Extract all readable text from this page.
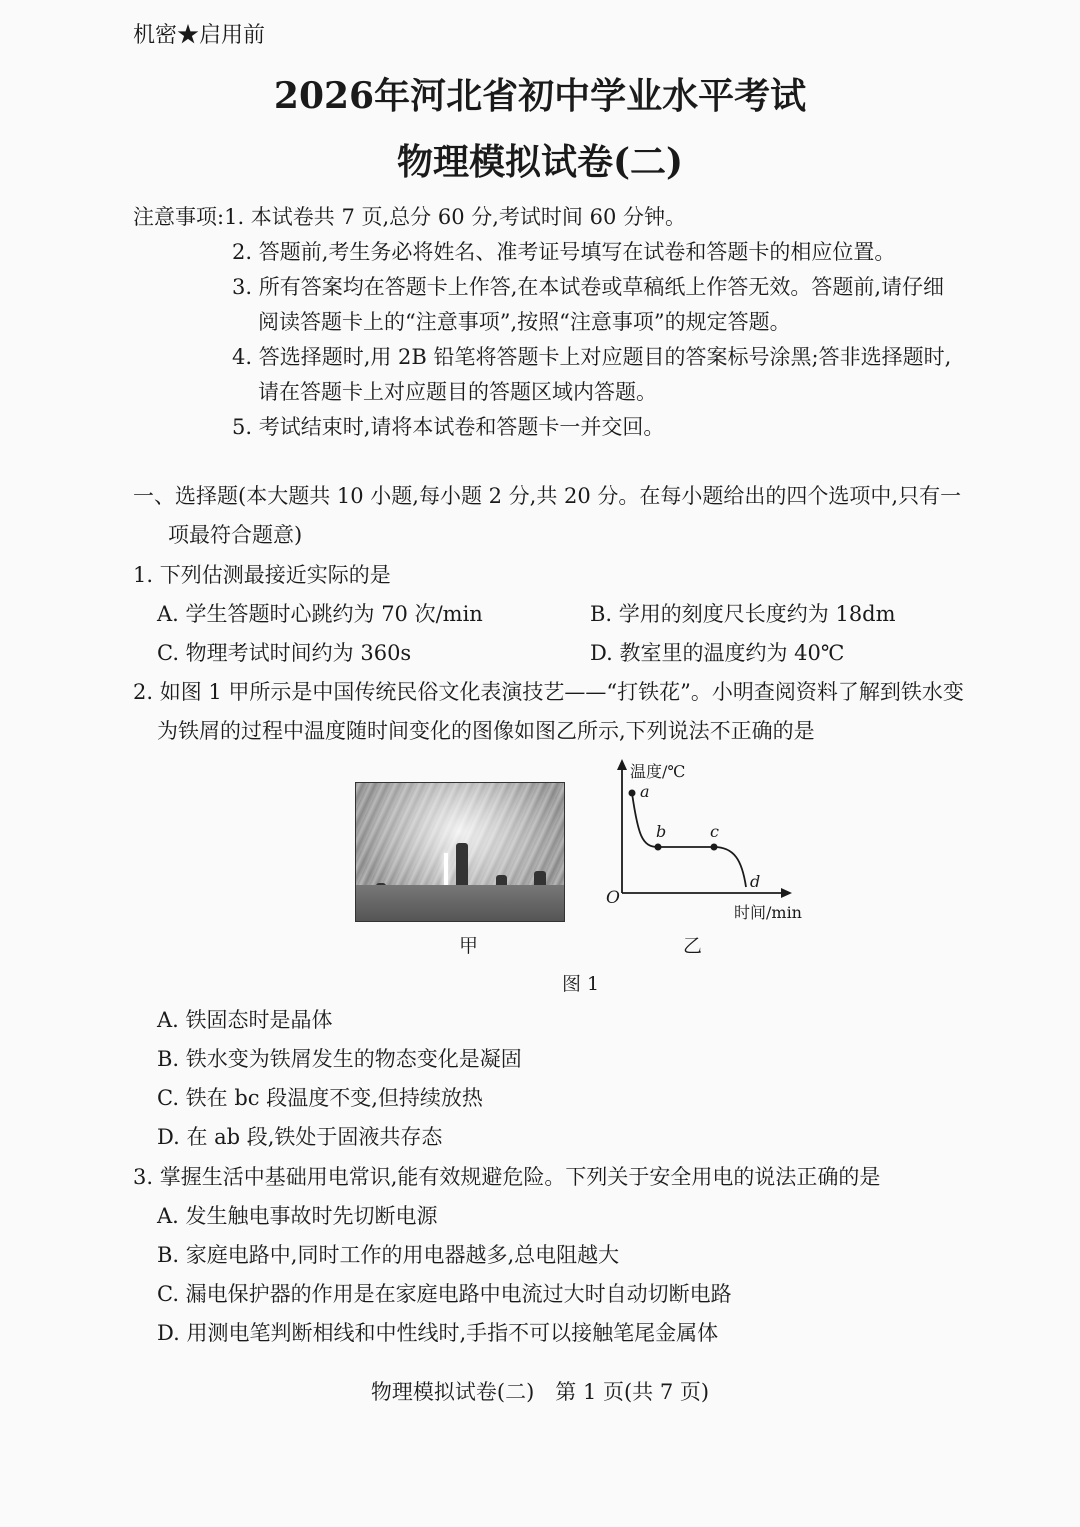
机密★启用前
2026年河北省初中学业水平考试
物理模拟试卷(二)
注意事项:1. 本试卷共 7 页,总分 60 分,考试时间 60 分钟。
2. 答题前,考生务必将姓名、准考证号填写在试卷和答题卡的相应位置。
3. 所有答案均在答题卡上作答,在本试卷或草稿纸上作答无效。答题前,请仔细
阅读答题卡上的“注意事项”,按照“注意事项”的规定答题。
4. 答选择题时,用 2B 铅笔将答题卡上对应题目的答案标号涂黑;答非选择题时,
请在答题卡上对应题目的答题区域内答题。
5. 考试结束时,请将本试卷和答题卡一并交回。
一、选择题(本大题共 10 小题,每小题 2 分,共 20 分。在每小题给出的四个选项中,只有一
项最符合题意)
1. 下列估测最接近实际的是
A. 学生答题时心跳约为 70 次/min	B. 学用的刻度尺长度约为 18dm
C. 物理考试时间约为 360s	D. 教室里的温度约为 40℃
2. 如图 1 甲所示是中国传统民俗文化表演技艺——“打铁花”。小明查阅资料了解到铁水变
为铁屑的过程中温度随时间变化的图像如图乙所示,下列说法不正确的是
甲
温度/℃
时间/min
O
a
b	c
d
乙
图 1
A. 铁固态时是晶体
B. 铁水变为铁屑发生的物态变化是凝固
C. 铁在 bc 段温度不变,但持续放热
D. 在 ab 段,铁处于固液共存态
3. 掌握生活中基础用电常识,能有效规避危险。下列关于安全用电的说法正确的是
A. 发生触电事故时先切断电源
B. 家庭电路中,同时工作的用电器越多,总电阻越大
C. 漏电保护器的作用是在家庭电路中电流过大时自动切断电路
D. 用测电笔判断相线和中性线时,手指不可以接触笔尾金属体
物理模拟试卷(二)　第 1 页(共 7 页)
